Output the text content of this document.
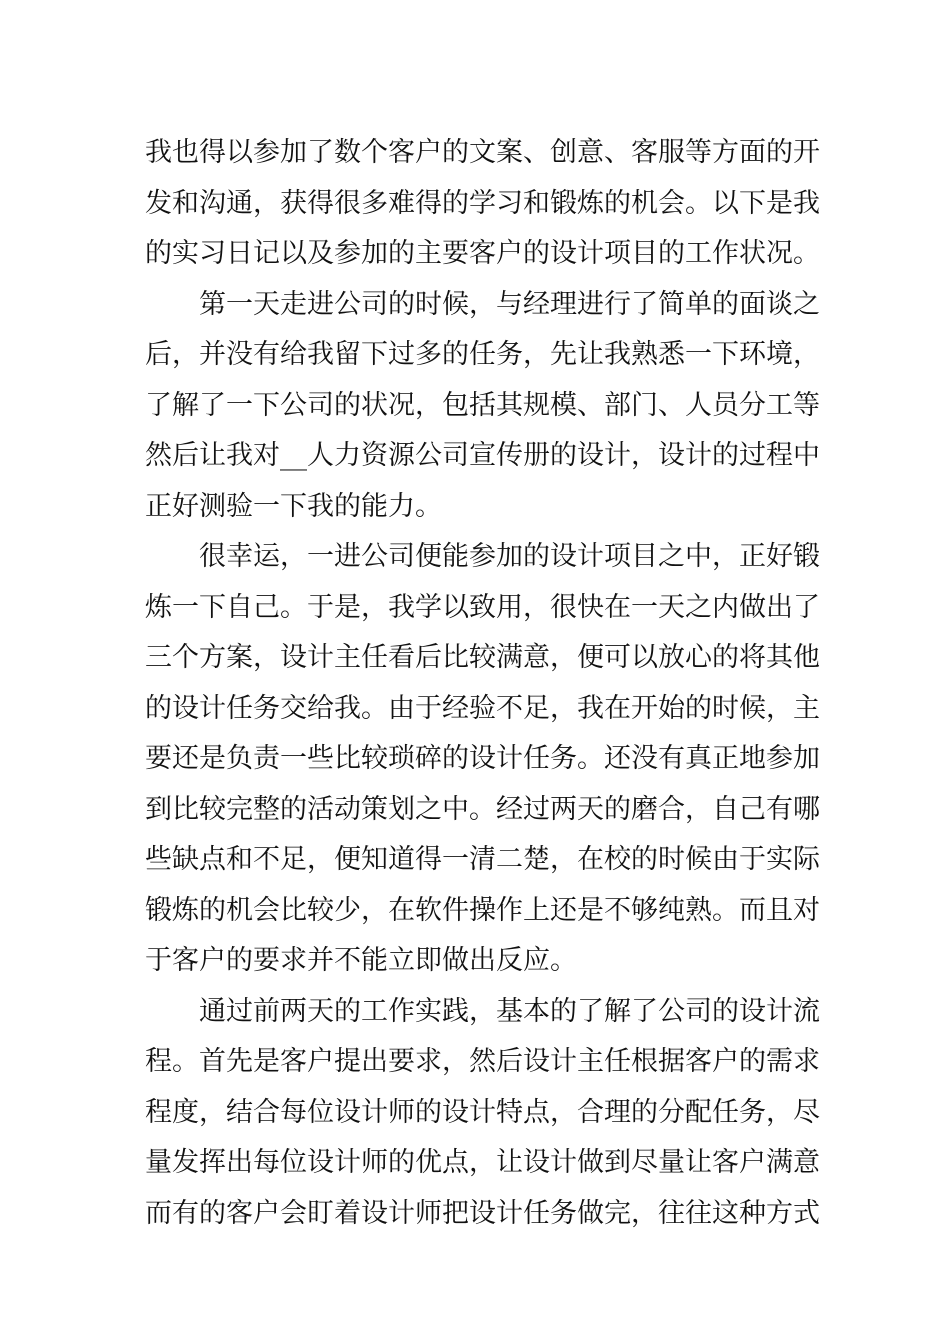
我也得以参加了数个客户的文案、创意、客服等方面的开
发和沟通，获得很多难得的学习和锻炼的机会。以下是我
的实习日记以及参加的主要客户的设计项目的工作状况。
第一天走进公司的时候，与经理进行了简单的面谈之
后，并没有给我留下过多的任务，先让我熟悉一下环境，
了解了一下公司的状况，包括其规模、部门、人员分工等
然后让我对__人力资源公司宣传册的设计，设计的过程中
正好测验一下我的能力。
很幸运，一进公司便能参加的设计项目之中，正好锻
炼一下自己。于是，我学以致用，很快在一天之内做出了
三个方案，设计主任看后比较满意，便可以放心的将其他
的设计任务交给我。由于经验不足，我在开始的时候，主
要还是负责一些比较琐碎的设计任务。还没有真正地参加
到比较完整的活动策划之中。经过两天的磨合，自己有哪
些缺点和不足，便知道得一清二楚，在校的时候由于实际
锻炼的机会比较少，在软件操作上还是不够纯熟。而且对
于客户的要求并不能立即做出反应。
通过前两天的工作实践，基本的了解了公司的设计流
程。首先是客户提出要求，然后设计主任根据客户的需求
程度，结合每位设计师的设计特点，合理的分配任务，尽
量发挥出每位设计师的优点，让设计做到尽量让客户满意
而有的客户会盯着设计师把设计任务做完，往往这种方式
